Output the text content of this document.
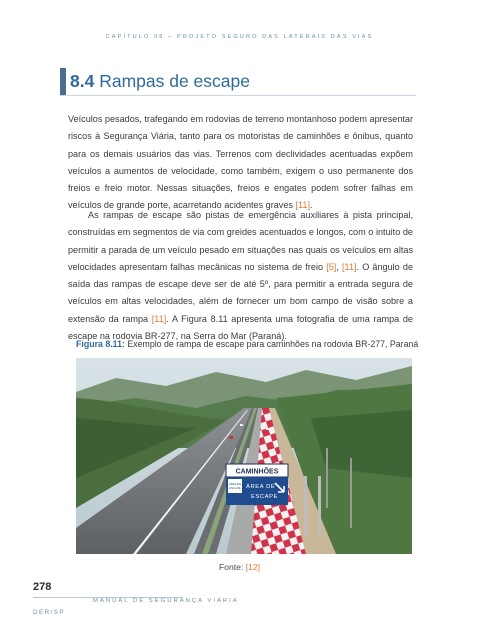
CAPÍTULO 08 – PROJETO SEGURO DAS LATERAIS DAS VIAS
8.4 Rampas de escape

Veículos pesados, trafegando em rodovias de terreno montanhoso podem apresentar riscos à Segurança Viária, tanto para os motoristas de caminhões e ônibus, quanto para os demais usuários das vias. Terrenos com declividades acentuadas expõem veículos a aumentos de velocidade, como também, exigem o uso permanente dos freios e freio motor. Nessas situações, freios e engates podem sofrer falhas em veículos de grande porte, acarretando acidentes graves [11].

As rampas de escape são pistas de emergência auxiliares à pista principal, construídas em segmentos de via com greides acentuados e longos, com o intuito de permitir a parada de um veículo pesado em situações nas quais os veículos em altas velocidades apresentam falhas mecânicas no sistema de freio [5], [11]. O ângulo de saída das rampas de escape deve ser de até 5º, para permitir a entrada segura de veículos em altas velocidades, além de fornecer um bom campo de visão sobre a extensão da rampa [11]. A Figura 8.11 apresenta uma fotografia de uma rampa de escape na rodovia BR-277, na Serra do Mar (Paraná).

Figura 8.11: Exemplo de rampa de escape para caminhões na rodovia BR-277, Paraná
CAMINHÕES
ÁREA DE
ESCAPE ÁREA DE
ESCAPE
Fonte: [12]
278
MANUAL DE SEGURANÇA VIÁRIA
DER/SP
